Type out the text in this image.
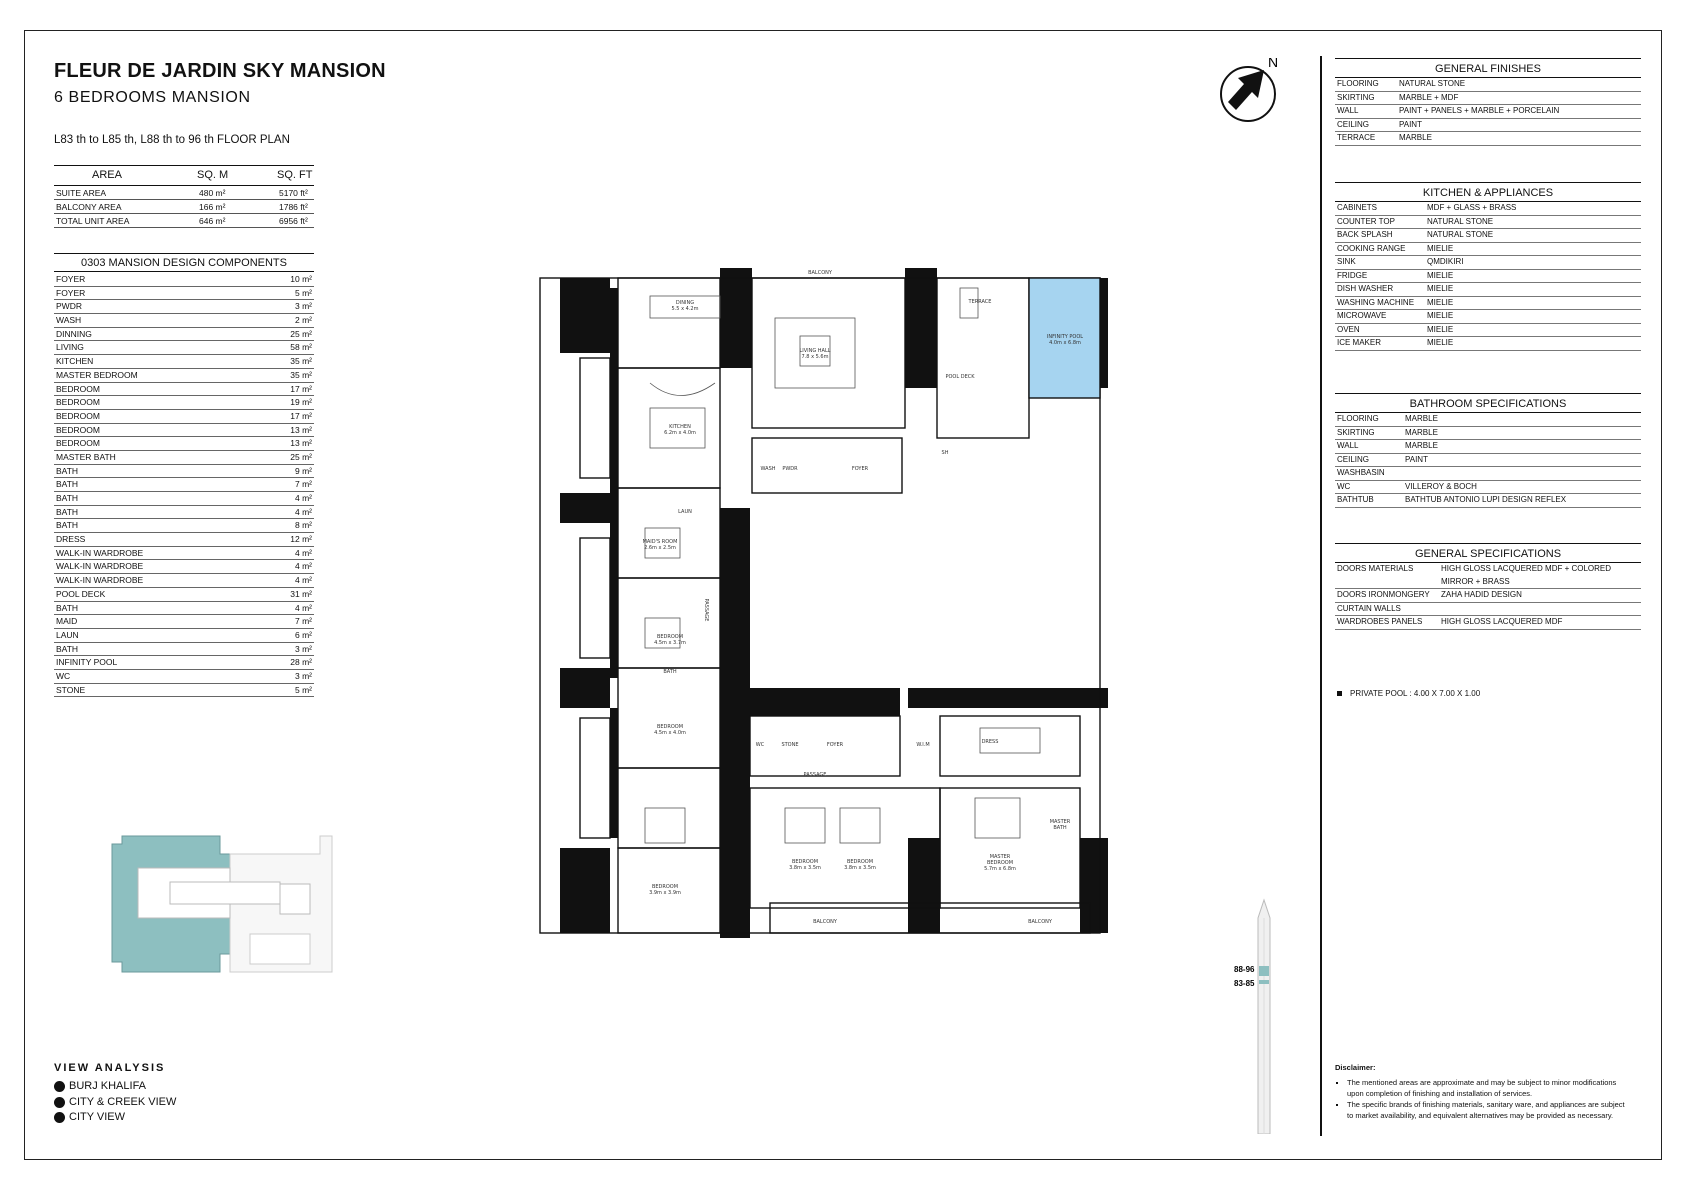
FLEUR DE JARDIN SKY MANSION
6 BEDROOMS MANSION
L83 th to L85 th, L88 th to 96 th FLOOR PLAN
AREA	SQ. M	SQ. FT
SUITE AREA	480 m²	5170 ft²
BALCONY AREA	166 m²	1786 ft²
TOTAL UNIT AREA	646 m²	6956 ft²
0303 MANSION DESIGN COMPONENTS
FOYER	10 m²
FOYER	5 m²
PWDR	3 m²
WASH	2 m²
DINNING	25 m²
LIVING	58 m²
KITCHEN	35 m²
MASTER BEDROOM	35 m²
BEDROOM	17 m²
BEDROOM	19 m²
BEDROOM	17 m²
BEDROOM	13 m²
BEDROOM	13 m²
MASTER BATH	25 m²
BATH	9 m²
BATH	7 m²
BATH	4 m²
BATH	4 m²
BATH	8 m²
DRESS	12 m²
WALK-IN WARDROBE	4 m²
WALK-IN WARDROBE	4 m²
WALK-IN WARDROBE	4 m²
POOL DECK	31 m²
BATH	4 m²
MAID	7 m²
LAUN	6 m²
BATH	3 m²
INFINITY POOL	28 m²
WC	3 m²
STONE	5 m²
GENERAL FINISHES
FLOORING	NATURAL STONE
SKIRTING	MARBLE + MDF
WALL	PAINT + PANELS + MARBLE + PORCELAIN
CEILING	PAINT
TERRACE	MARBLE
KITCHEN & APPLIANCES
CABINETS	MDF + GLASS + BRASS
COUNTER TOP	NATURAL STONE
BACK SPLASH	NATURAL STONE
COOKING RANGE	MIELIE
SINK	QMDIKIRI
FRIDGE	MIELIE
DISH WASHER	MIELIE
WASHING MACHINE	MIELIE
MICROWAVE	MIELIE
OVEN	MIELIE
ICE MAKER	MIELIE
BATHROOM SPECIFICATIONS
FLOORING	MARBLE
SKIRTING	MARBLE
WALL	MARBLE
CEILING	PAINT
WASHBASIN
WC	VILLEROY & BOCH
BATHTUB	BATHTUB ANTONIO LUPI DESIGN REFLEX
GENERAL SPECIFICATIONS
DOORS MATERIALS	HIGH GLOSS LACQUERED MDF + COLORED MIRROR + BRASS
DOORS IRONMONGERY	ZAHA HADID DESIGN
CURTAIN WALLS
WARDROBES PANELS	HIGH GLOSS LACQUERED MDF
PRIVATE POOL : 4.00 X 7.00 X 1.00
Disclaimer:
▪ The mentioned areas are approximate and may be subject to minor modifications upon completion of finishing and installation of services.
▪ The specific brands of finishing materials, sanitary ware, and appliances are subject to market availability, and equivalent alternatives may be provided as necessary.
N
VIEW ANALYSIS
BURJ KHALIFA
CITY & CREEK VIEW
CITY VIEW
88-96
83-85
DINING 5.5 x 4.2m
BALCONY
LIVING HALL 7.8 x 5.6m
TERRACE
INFINITY POOL 4.0m x 6.8m
POOL DECK
KITCHEN 6.2m x 4.0m
WASH PWDR	FOYER
SH
LAUN
MAID'S ROOM 2.6m x 2.5m
BEDROOM 4.5m x 3.7m
BATH
PASSAGE
BEDROOM 4.5m x 4.0m
PASSAGE
WC	STONE	FOYER	W.I.M	DRESS
BEDROOM 3.9m x 3.9m
BEDROOM 3.8m x 3.5m
BEDROOM 3.8m x 3.5m
MASTER BEDROOM 5.7m x 6.8m
MASTER BATH
BALCONY	BALCONY
